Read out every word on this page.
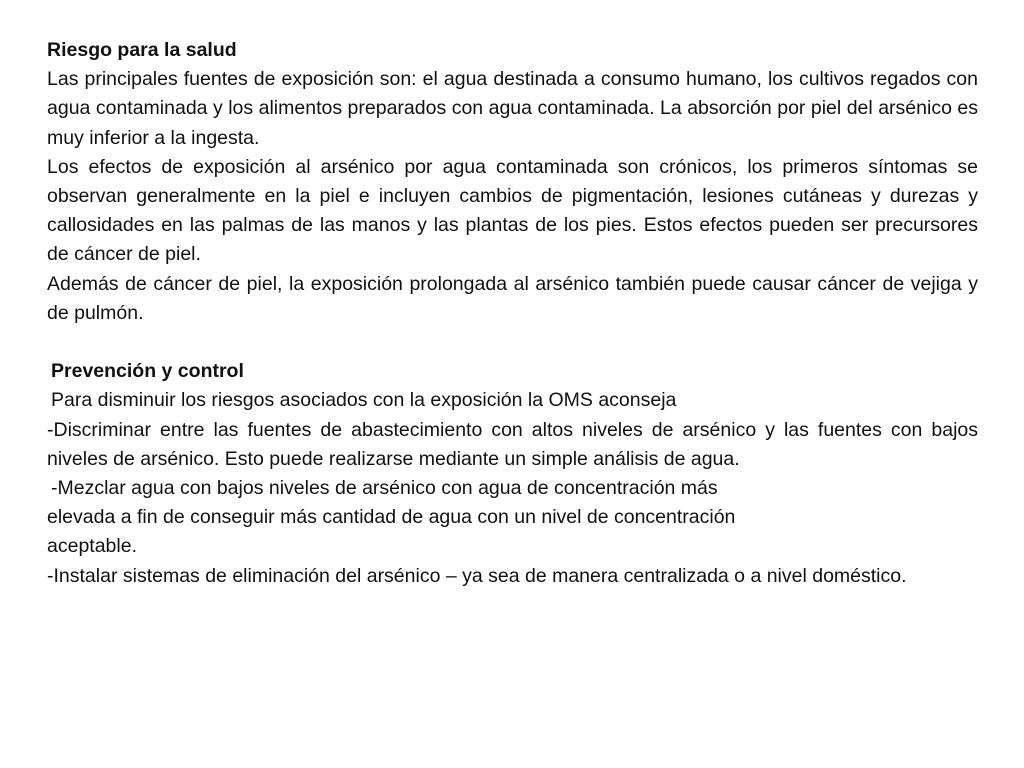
Riesgo para la salud
Las principales fuentes de exposición son: el agua destinada a consumo humano, los cultivos regados con agua contaminada y los alimentos preparados con agua contaminada. La absorción por piel del arsénico es muy inferior a la ingesta.
Los efectos de exposición al arsénico por agua contaminada son crónicos, los primeros síntomas se observan generalmente en la piel e incluyen cambios de pigmentación, lesiones cutáneas y durezas y callosidades en las palmas de las manos y las plantas de los pies. Estos efectos pueden ser precursores de cáncer de piel.
Además de cáncer de piel, la exposición prolongada al arsénico también puede causar cáncer de vejiga y de pulmón.
Prevención y control
Para disminuir los riesgos asociados con la exposición la OMS aconseja
-Discriminar entre las fuentes de abastecimiento con altos niveles de arsénico y las fuentes con bajos niveles de arsénico. Esto puede realizarse mediante un simple análisis de agua.
-Mezclar agua con bajos niveles de arsénico con agua de concentración más
elevada a fin de conseguir más cantidad de agua con un nivel de concentración
aceptable.
-Instalar sistemas de eliminación del arsénico – ya sea de manera centralizada o a nivel doméstico.
